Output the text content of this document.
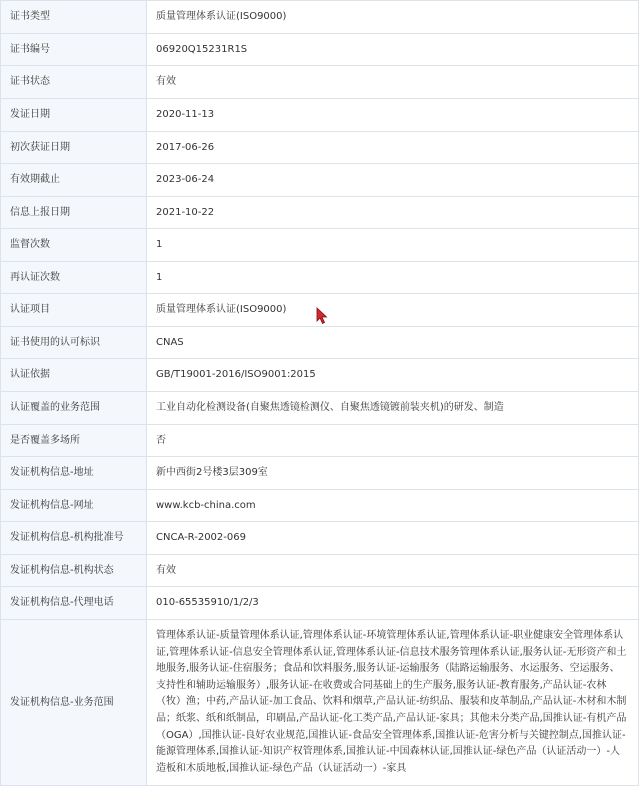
证书类型	质量管理体系认证(ISO9000)
证书编号	06920Q15231R1S
证书状态	有效
发证日期	2020-11-13
初次获证日期	2017-06-26
有效期截止	2023-06-24
信息上报日期	2021-10-22
监督次数	1
再认证次数	1
认证项目	质量管理体系认证(ISO9000)
证书使用的认可标识	CNAS
认证依据	GB/T19001-2016/ISO9001:2015
认证覆盖的业务范围	工业自动化检测设备(自聚焦透镜检测仪、自聚焦透镜镀前装夹机)的研发、制造
是否覆盖多场所	否
发证机构信息-地址	新中西街2号楼3层309室
发证机构信息-网址	www.kcb-china.com
发证机构信息-机构批准号	CNCA-R-2002-069
发证机构信息-机构状态	有效
发证机构信息-代理电话	010-65535910/1/2/3
发证机构信息-业务范围	管理体系认证-质量管理体系认证,管理体系认证-环境管理体系认证,管理体系认证-职业健康安全管理体系认证,管理体系认证-信息安全管理体系认证,管理体系认证-信息技术服务管理体系认证,服务认证-无形资产和土地服务,服务认证-住宿服务；食品和饮料服务,服务认证-运输服务（陆路运输服务、水运服务、空运服务、支持性和辅助运输服务）,服务认证-在收费或合同基础上的生产服务,服务认证-教育服务,产品认证-农林（牧）渔；中药,产品认证-加工食品、饮料和烟草,产品认证-纺织品、服装和皮革制品,产品认证-木材和木制品；纸浆、纸和纸制品，印刷品,产品认证-化工类产品,产品认证-家具；其他未分类产品,国推认证-有机产品（OGA）,国推认证-良好农业规范,国推认证-食品安全管理体系,国推认证-危害分析与关键控制点,国推认证-能源管理体系,国推认证-知识产权管理体系,国推认证-中国森林认证,国推认证-绿色产品（认证活动一）-人造板和木质地板,国推认证-绿色产品（认证活动一）-家具
